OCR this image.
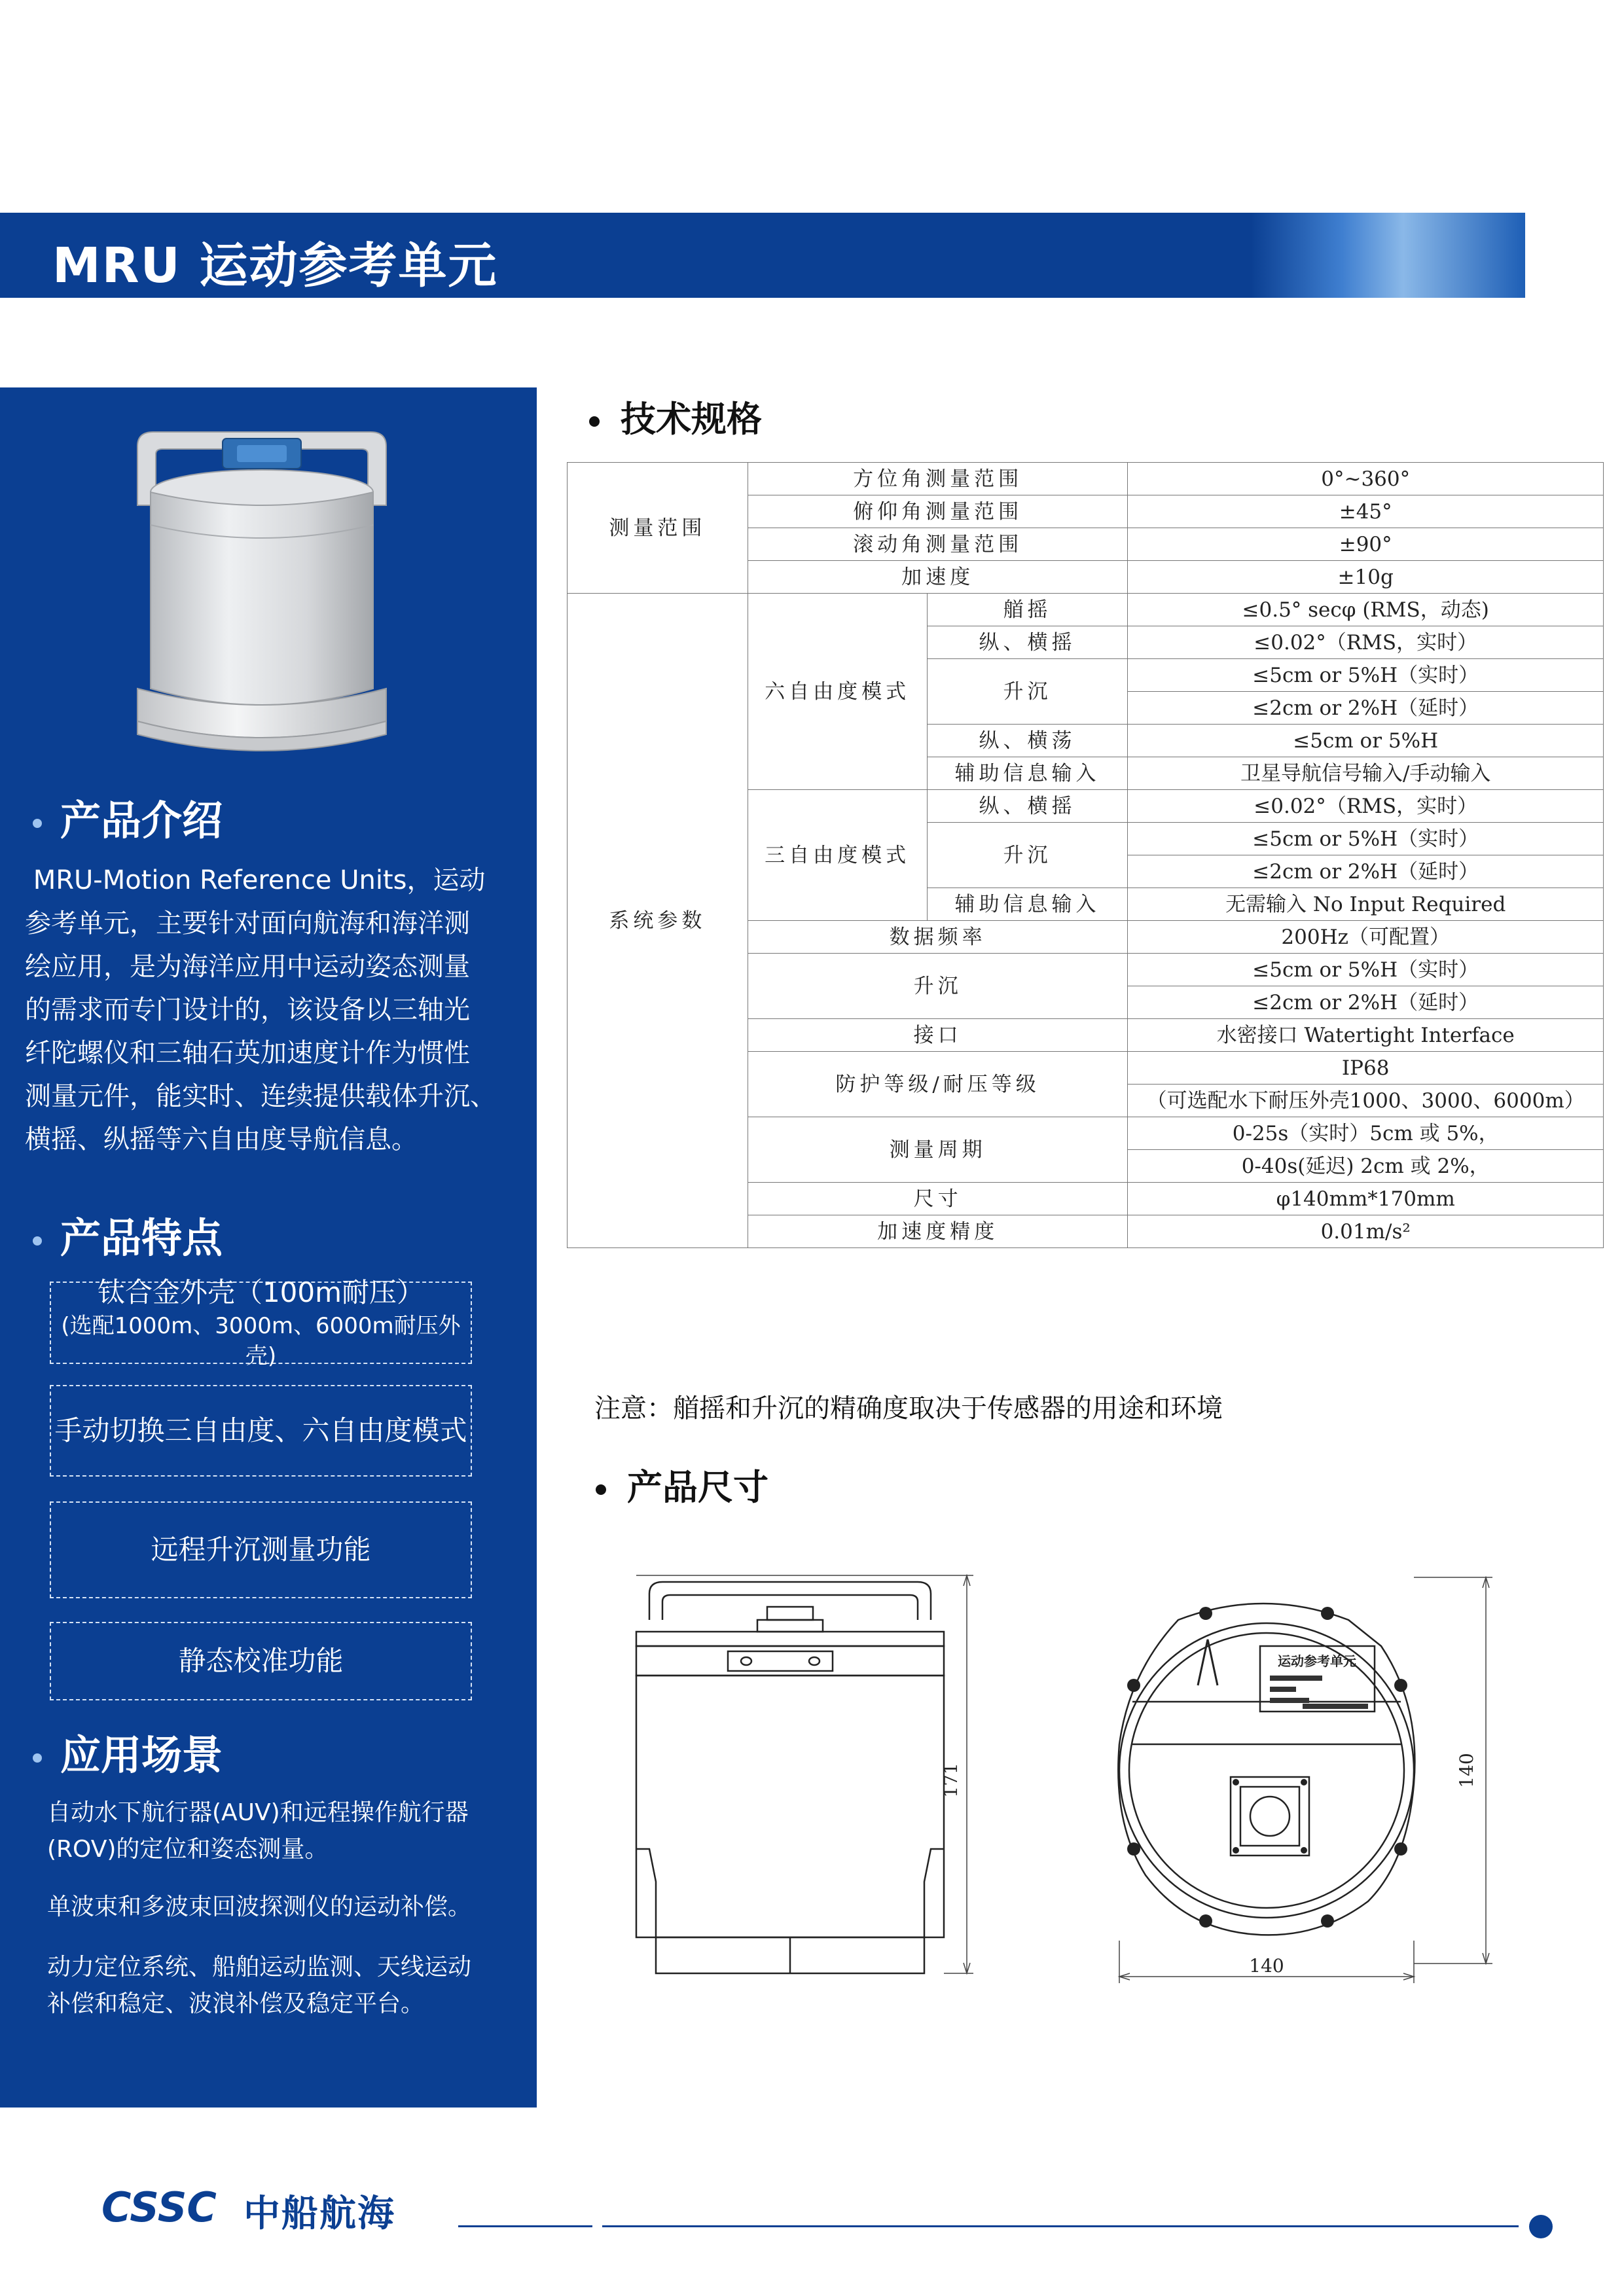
MRU 运动参考单元
产品介绍
MRU-Motion Reference Units，运动
参考单元，主要针对面向航海和海洋测
绘应用，是为海洋应用中运动姿态测量
的需求而专门设计的，该设备以三轴光
纤陀螺仪和三轴石英加速度计作为惯性
测量元件，能实时、连续提供载体升沉、
横摇、纵摇等六自由度导航信息。
产品特点
钛合金外壳（100m耐压）
(选配1000m、3000m、6000m耐压外壳)
手动切换三自由度、六自由度模式
远程升沉测量功能
静态校准功能
应用场景
自动水下航行器(AUV)和远程操作航行器
(ROV)的定位和姿态测量。
单波束和多波束回波探测仪的运动补偿。
动力定位系统、船舶运动监测、天线运动
补偿和稳定、波浪补偿及稳定平台。
技术规格
测量范围	方位角测量范围		0°~360°
	俯仰角测量范围		±45°
	滚动角测量范围		±90°
	加速度		±10g
系统参数	六自由度模式	艏摇	≤0.5° secφ (RMS，动态)
		纵、横摇	≤0.02°（RMS，实时）
		升沉	≤5cm or 5%H（实时）
			≤2cm or 2%H（延时）
		纵、横荡	≤5cm or 5%H
		辅助信息输入	卫星导航信号输入/手动输入
	三自由度模式	纵、横摇	≤0.02°（RMS，实时）
		升沉	≤5cm or 5%H（实时）
			≤2cm or 2%H（延时）
		辅助信息输入	无需输入 No Input Required
	数据频率		200Hz（可配置）
	升沉		≤5cm or 5%H（实时）
			≤2cm or 2%H（延时）
	接口		水密接口 Watertight Interface
	防护等级/耐压等级		IP68
			（可选配水下耐压外壳1000、3000、6000m）
	测量周期		0-25s（实时）5cm 或 5%，
			0-40s(延迟) 2cm 或 2%，
	尺寸		φ140mm*170mm
	加速度精度		0.01m/s²
注意：艏摇和升沉的精确度取决于传感器的用途和环境
产品尺寸
171
运动参考单元
140
140
CSSC 中船航海
